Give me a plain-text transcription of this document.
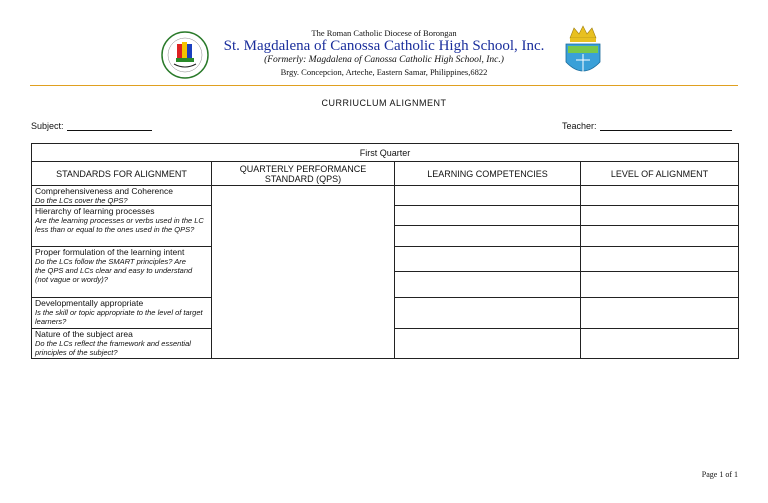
The Roman Catholic Diocese of Borongan
St. Magdalena of Canossa Catholic High School, Inc.
(Formerly: Magdalena of Canossa Catholic High School, Inc.)
Brgy. Concepcion, Arteche, Eastern Samar, Philippines,6822
CURRIUCLUM ALIGNMENT
Subject:	Teacher:
First Quarter
STANDARDS FOR ALIGNMENT	QUARTERLY PERFORMANCE STANDARD (QPS)	LEARNING COMPETENCIES	LEVEL OF ALIGNMENT
Comprehensiveness and Coherence
Do the LCs cover the QPS?
Hierarchy of learning processes
Are the learning processes or verbs used in the LC less than or equal to the ones used in the QPS?
Proper formulation of the learning intent
Do the LCs follow the SMART principles? Are the QPS and LCs clear and easy to understand (not vague or wordy)?
Developmentally appropriate
Is the skill or topic appropriate to the level of target learners?
Nature of the subject area
Do the LCs reflect the framework and essential principles of the subject?
Page 1 of 1
